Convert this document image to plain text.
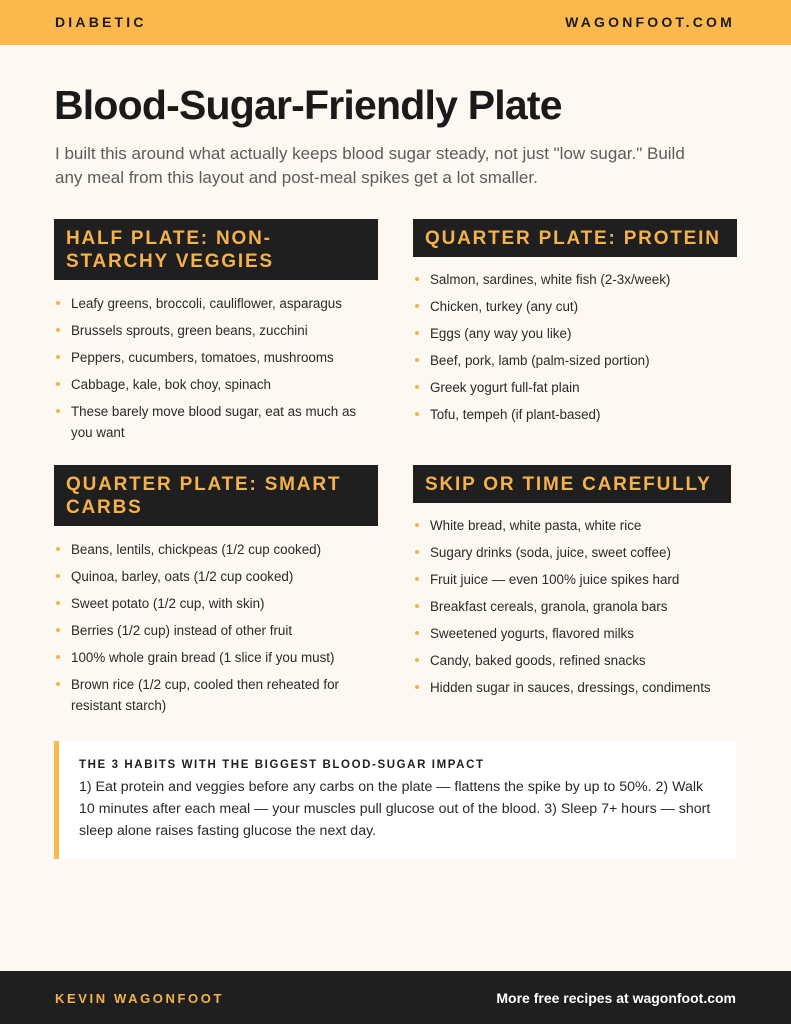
DIABETIC	WAGONFOOT.COM
Blood-Sugar-Friendly Plate

I built this around what actually keeps blood sugar steady, not just "low sugar." Build any meal from this layout and post-meal spikes get a lot smaller.

HALF PLATE: NON-STARCHY VEGGIES
Leafy greens, broccoli, cauliflower, asparagus
Brussels sprouts, green beans, zucchini
Peppers, cucumbers, tomatoes, mushrooms
Cabbage, kale, bok choy, spinach
These barely move blood sugar, eat as much as you want
QUARTER PLATE: PROTEIN
Salmon, sardines, white fish (2-3x/week)
Chicken, turkey (any cut)
Eggs (any way you like)
Beef, pork, lamb (palm-sized portion)
Greek yogurt full-fat plain
Tofu, tempeh (if plant-based)
QUARTER PLATE: SMART CARBS
Beans, lentils, chickpeas (1/2 cup cooked)
Quinoa, barley, oats (1/2 cup cooked)
Sweet potato (1/2 cup, with skin)
Berries (1/2 cup) instead of other fruit
100% whole grain bread (1 slice if you must)
Brown rice (1/2 cup, cooled then reheated for resistant starch)
SKIP OR TIME CAREFULLY
White bread, white pasta, white rice
Sugary drinks (soda, juice, sweet coffee)
Fruit juice — even 100% juice spikes hard
Breakfast cereals, granola, granola bars
Sweetened yogurts, flavored milks
Candy, baked goods, refined snacks
Hidden sugar in sauces, dressings, condiments
THE 3 HABITS WITH THE BIGGEST BLOOD-SUGAR IMPACT
1) Eat protein and veggies before any carbs on the plate — flattens the spike by up to 50%. 2) Walk 10 minutes after each meal — your muscles pull glucose out of the blood. 3) Sleep 7+ hours — short sleep alone raises fasting glucose the next day.
KEVIN WAGONFOOT	More free recipes at wagonfoot.com
